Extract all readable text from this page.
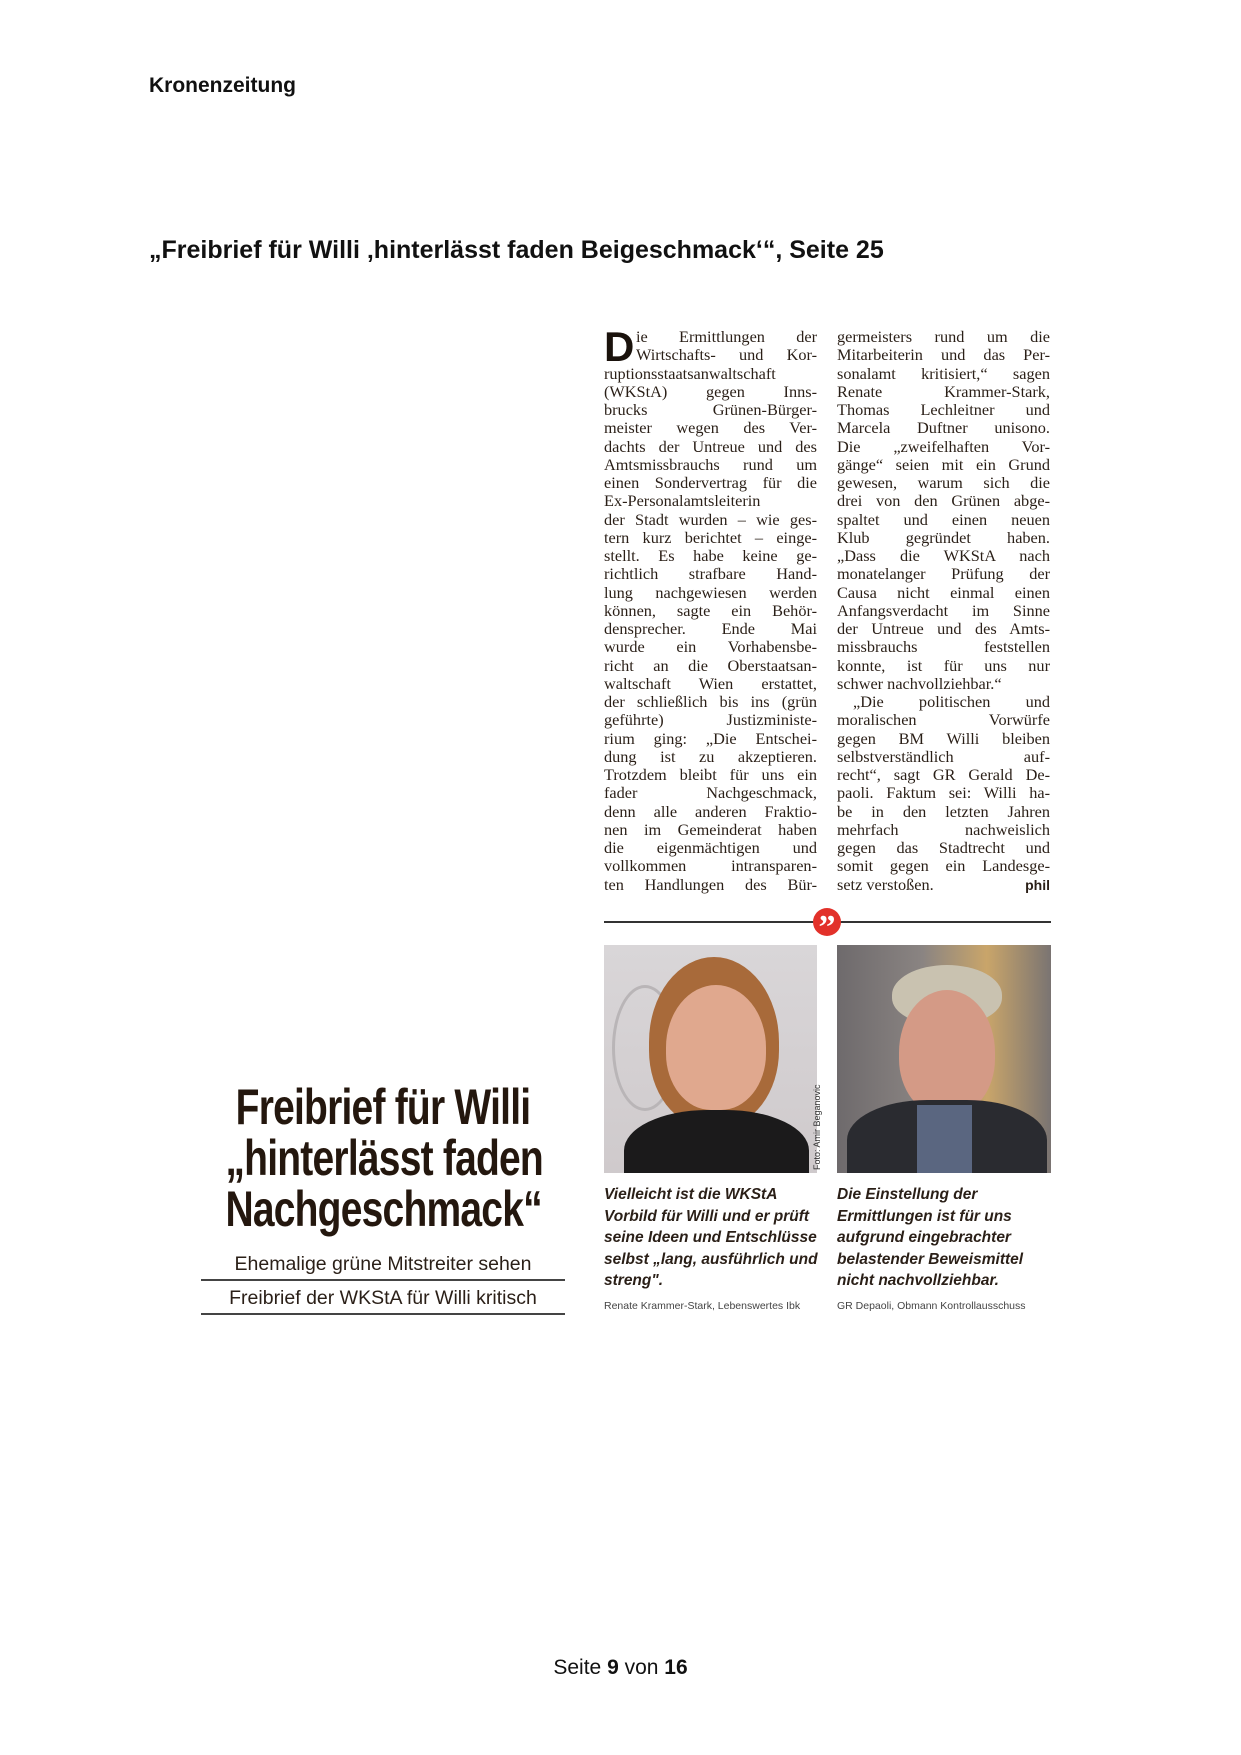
Kronenzeitung
„Freibrief für Willi ‚hinterlässt faden Beigeschmack‘“, Seite 25
D ie Ermittlungen der
Wirtschafts- und Kor-
ruptionsstaatsanwaltschaft
(WKStA) gegen Inns-
brucks Grünen-Bürger-
meister wegen des Ver-
dachts der Untreue und des
Amtsmissbrauchs rund um
einen Sondervertrag für die
Ex-Personalamtsleiterin
der Stadt wurden – wie ges-
tern kurz berichtet – einge-
stellt. Es habe keine ge-
richtlich strafbare Hand-
lung nachgewiesen werden
können, sagte ein Behör-
densprecher. Ende Mai
wurde ein Vorhabensbe-
richt an die Oberstaatsan-
waltschaft Wien erstattet,
der schließlich bis ins (grün
geführte) Justizministe-
rium ging: „Die Entschei-
dung ist zu akzeptieren.
Trotzdem bleibt für uns ein
fader Nachgeschmack,
denn alle anderen Fraktio-
nen im Gemeinderat haben
die eigenmächtigen und
vollkommen intransparen-
ten Handlungen des Bür-
germeisters rund um die
Mitarbeiterin und das Per-
sonalamt kritisiert,“ sagen
Renate Krammer-Stark,
Thomas Lechleitner und
Marcela Duftner unisono.
Die „zweifelhaften Vor-
gänge“ seien mit ein Grund
gewesen, warum sich die
drei von den Grünen abge-
spaltet und einen neuen
Klub gegründet haben.
„Dass die WKStA nach
monatelanger Prüfung der
Causa nicht einmal einen
Anfangsverdacht im Sinne
der Untreue und des Amts-
missbrauchs feststellen
konnte, ist für uns nur
schwer nachvollziehbar.“
„Die politischen und
moralischen Vorwürfe
gegen BM Willi bleiben
selbstverständlich auf-
recht“, sagt GR Gerald De-
paoli. Faktum sei: Willi ha-
be in den letzten Jahren
mehrfach nachweislich
gegen das Stadtrecht und
somit gegen ein Landesge-
setz verstoßen.	phil
”
Foto: Amir Beganovic
Vielleicht ist die WKStA Vorbild für Willi und er prüft seine Ideen und Entschlüsse selbst „lang, ausführlich und streng".
Renate Krammer-Stark, Lebenswertes Ibk
Die Einstellung der Ermittlungen ist für uns aufgrund eingebrachter belastender Beweismittel nicht nachvollziehbar.
GR Depaoli, Obmann Kontrollausschuss
Freibrief für Willi
„hinterlässt faden
Nachgeschmack“
Ehemalige grüne Mitstreiter sehen
Freibrief der WKStA für Willi kritisch
Seite 9 von 16
